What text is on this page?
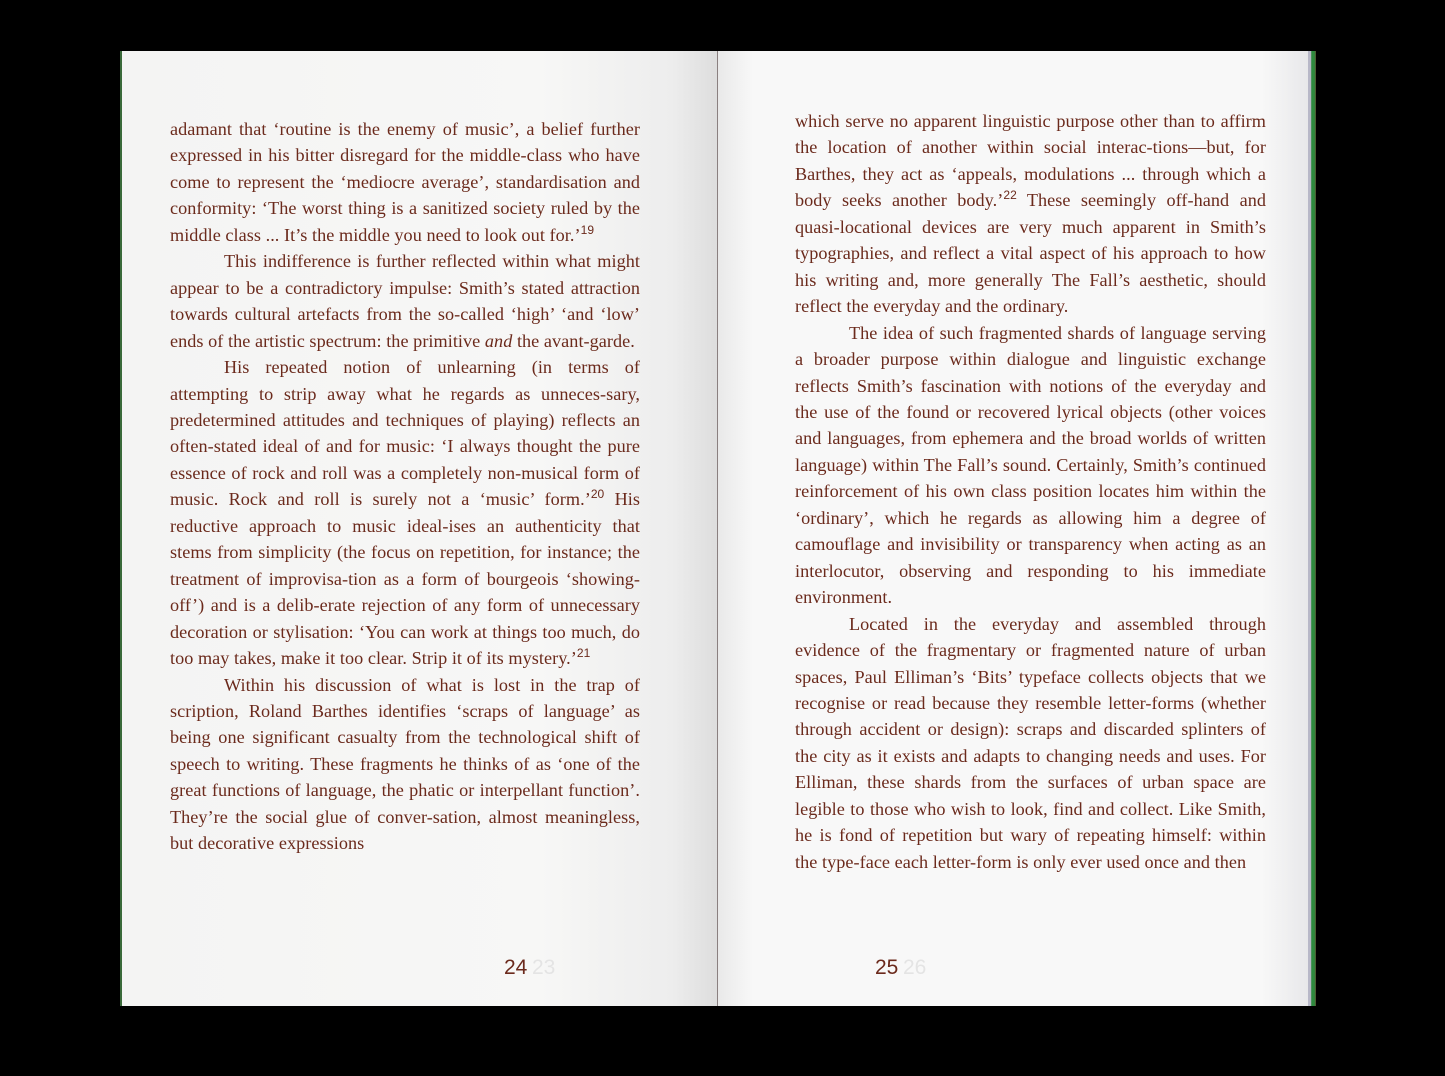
adamant that ‘routine is the enemy of music’, a belief further expressed in his bitter disregard for the middle-class who have come to represent the ‘mediocre average’, standardisation and conformity: ‘The worst thing is a sanitized society ruled by the middle class ... It’s the middle you need to look out for.’$^{19}$

This indifference is further reflected within what might appear to be a contradictory impulse: Smith’s stated attraction towards cultural artefacts from the so-called ‘high’ ‘and ‘low’ ends of the artistic spectrum: the primitive and the avant-garde.

His repeated notion of unlearning (in terms of attempting to strip away what he regards as unneces-sary, predetermined attitudes and techniques of playing) reflects an often-stated ideal of and for music: ‘I always thought the pure essence of rock and roll was a completely non-musical form of music. Rock and roll is surely not a ‘music’ form.’$^{20}$ His reductive approach to music ideal-ises an authenticity that stems from simplicity (the focus on repetition, for instance; the treatment of improvisa-tion as a form of bourgeois ‘showing-off’) and is a delib-erate rejection of any form of unnecessary decoration or stylisation: ‘You can work at things too much, do too may takes, make it too clear. Strip it of its mystery.’$^{21}$

Within his discussion of what is lost in the trap of scription, Roland Barthes identifies ‘scraps of language’ as being one significant casualty from the technological shift of speech to writing. These fragments he thinks of as ‘one of the great functions of language, the phatic or interpellant function’. They’re the social glue of conver-sation, almost meaningless, but decorative expressions

23
24

which serve no apparent linguistic purpose other than to affirm the location of another within social interac-tions—but, for Barthes, they act as ‘appeals, modulations ... through which a body seeks another body.’$^{22}$ These seemingly off-hand and quasi-locational devices are very much apparent in Smith’s typographies, and reflect a vital aspect of his approach to how his writing and, more generally The Fall’s aesthetic, should reflect the everyday and the ordinary.

The idea of such fragmented shards of language serving a broader purpose within dialogue and linguistic exchange reflects Smith’s fascination with notions of the everyday and the use of the found or recovered lyrical objects (other voices and languages, from ephemera and the broad worlds of written language) within The Fall’s sound. Certainly, Smith’s continued reinforcement of his own class position locates him within the ‘ordinary’, which he regards as allowing him a degree of camouflage and invisibility or transparency when acting as an interlocutor, observing and responding to his immediate environment.

Located in the everyday and assembled through evidence of the fragmentary or fragmented nature of urban spaces, Paul Elliman’s ‘Bits’ typeface collects objects that we recognise or read because they resemble letter-forms (whether through accident or design): scraps and discarded splinters of the city as it exists and adapts to changing needs and uses. For Elliman, these shards from the surfaces of urban space are legible to those who wish to look, find and collect. Like Smith, he is fond of repetition but wary of repeating himself: within the type-face each letter-form is only ever used once and then

26
25
